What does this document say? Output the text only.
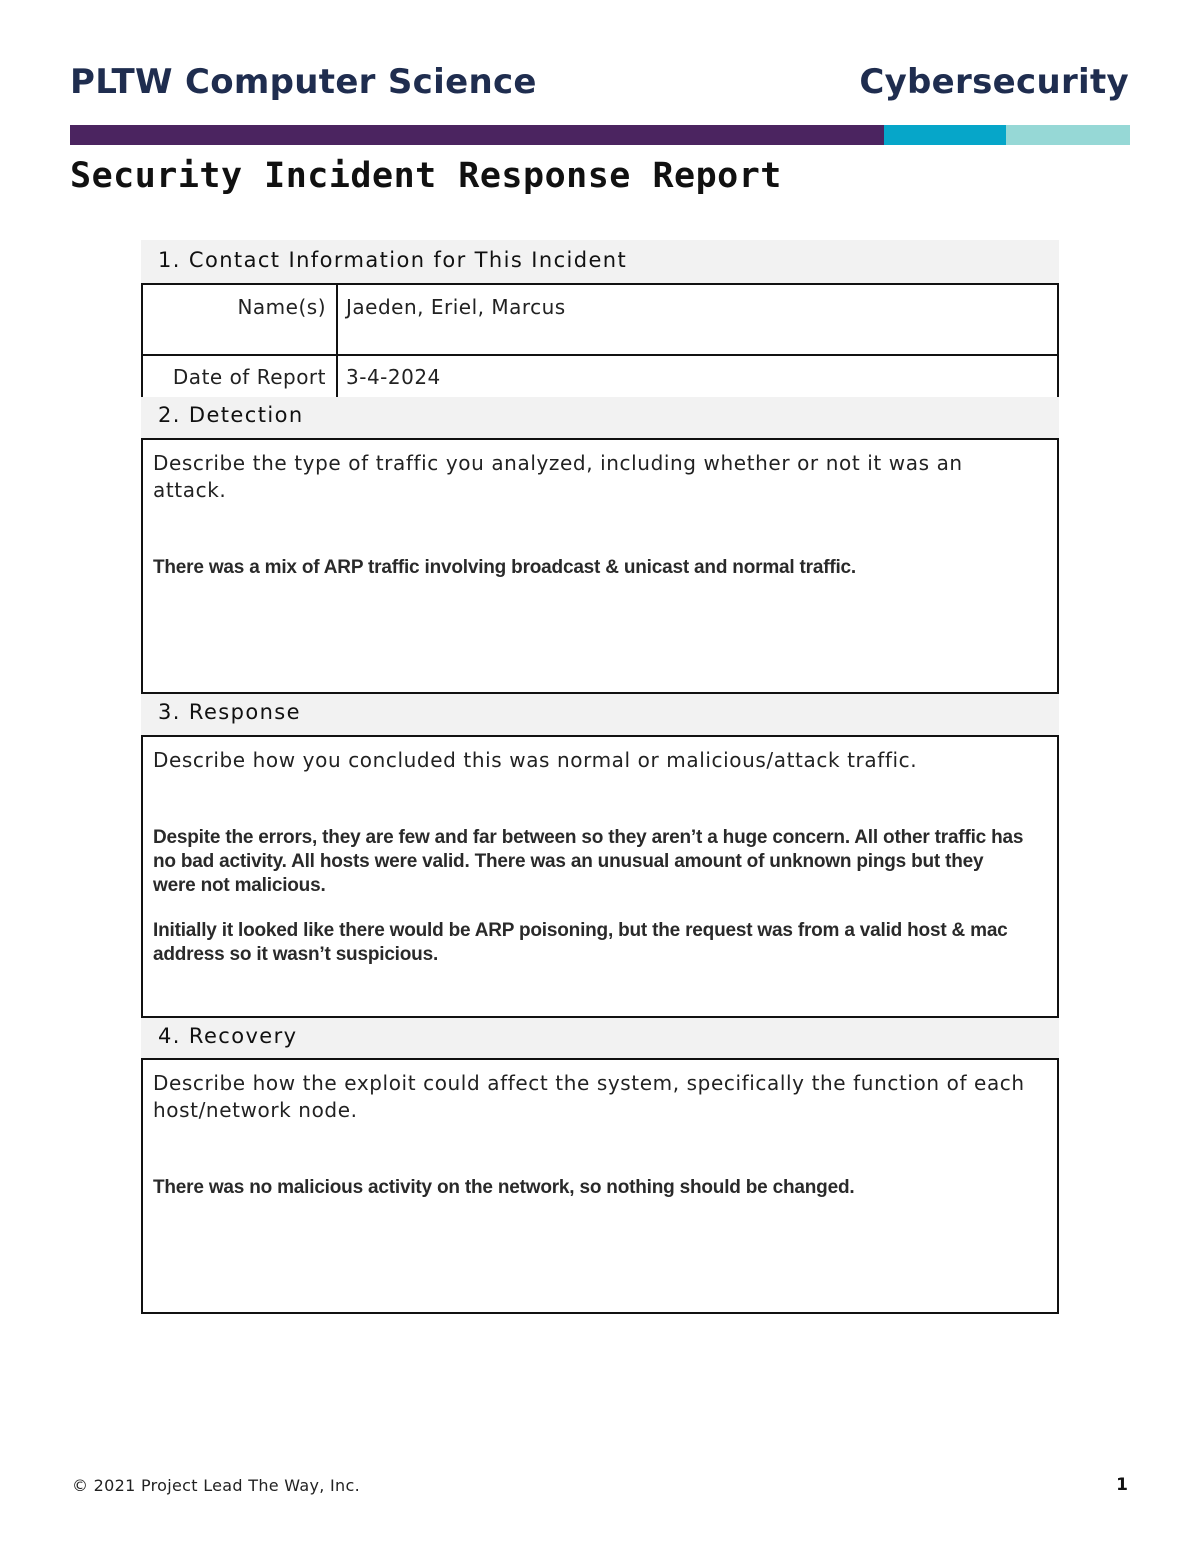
PLTW Computer Science	Cybersecurity
Security Incident Response Report
1. Contact Information for This Incident
Name(s)	Jaeden, Eriel, Marcus
Date of Report	3-4-2024
2. Detection

Describe the type of traffic you analyzed, including whether or not it was an attack.

There was a mix of ARP traffic involving broadcast & unicast and normal traffic.

3. Response

Describe how you concluded this was normal or malicious/attack traffic.

Despite the errors, they are few and far between so they aren’t a huge concern. All other traffic has no bad activity. All hosts were valid. There was an unusual amount of unknown pings but they were not malicious.

Initially it looked like there would be ARP poisoning, but the request was from a valid host & mac address so it wasn’t suspicious.

4. Recovery

Describe how the exploit could affect the system, specifically the function of each host/network node.

There was no malicious activity on the network, so nothing should be changed.

© 2021 Project Lead The Way, Inc.	1
